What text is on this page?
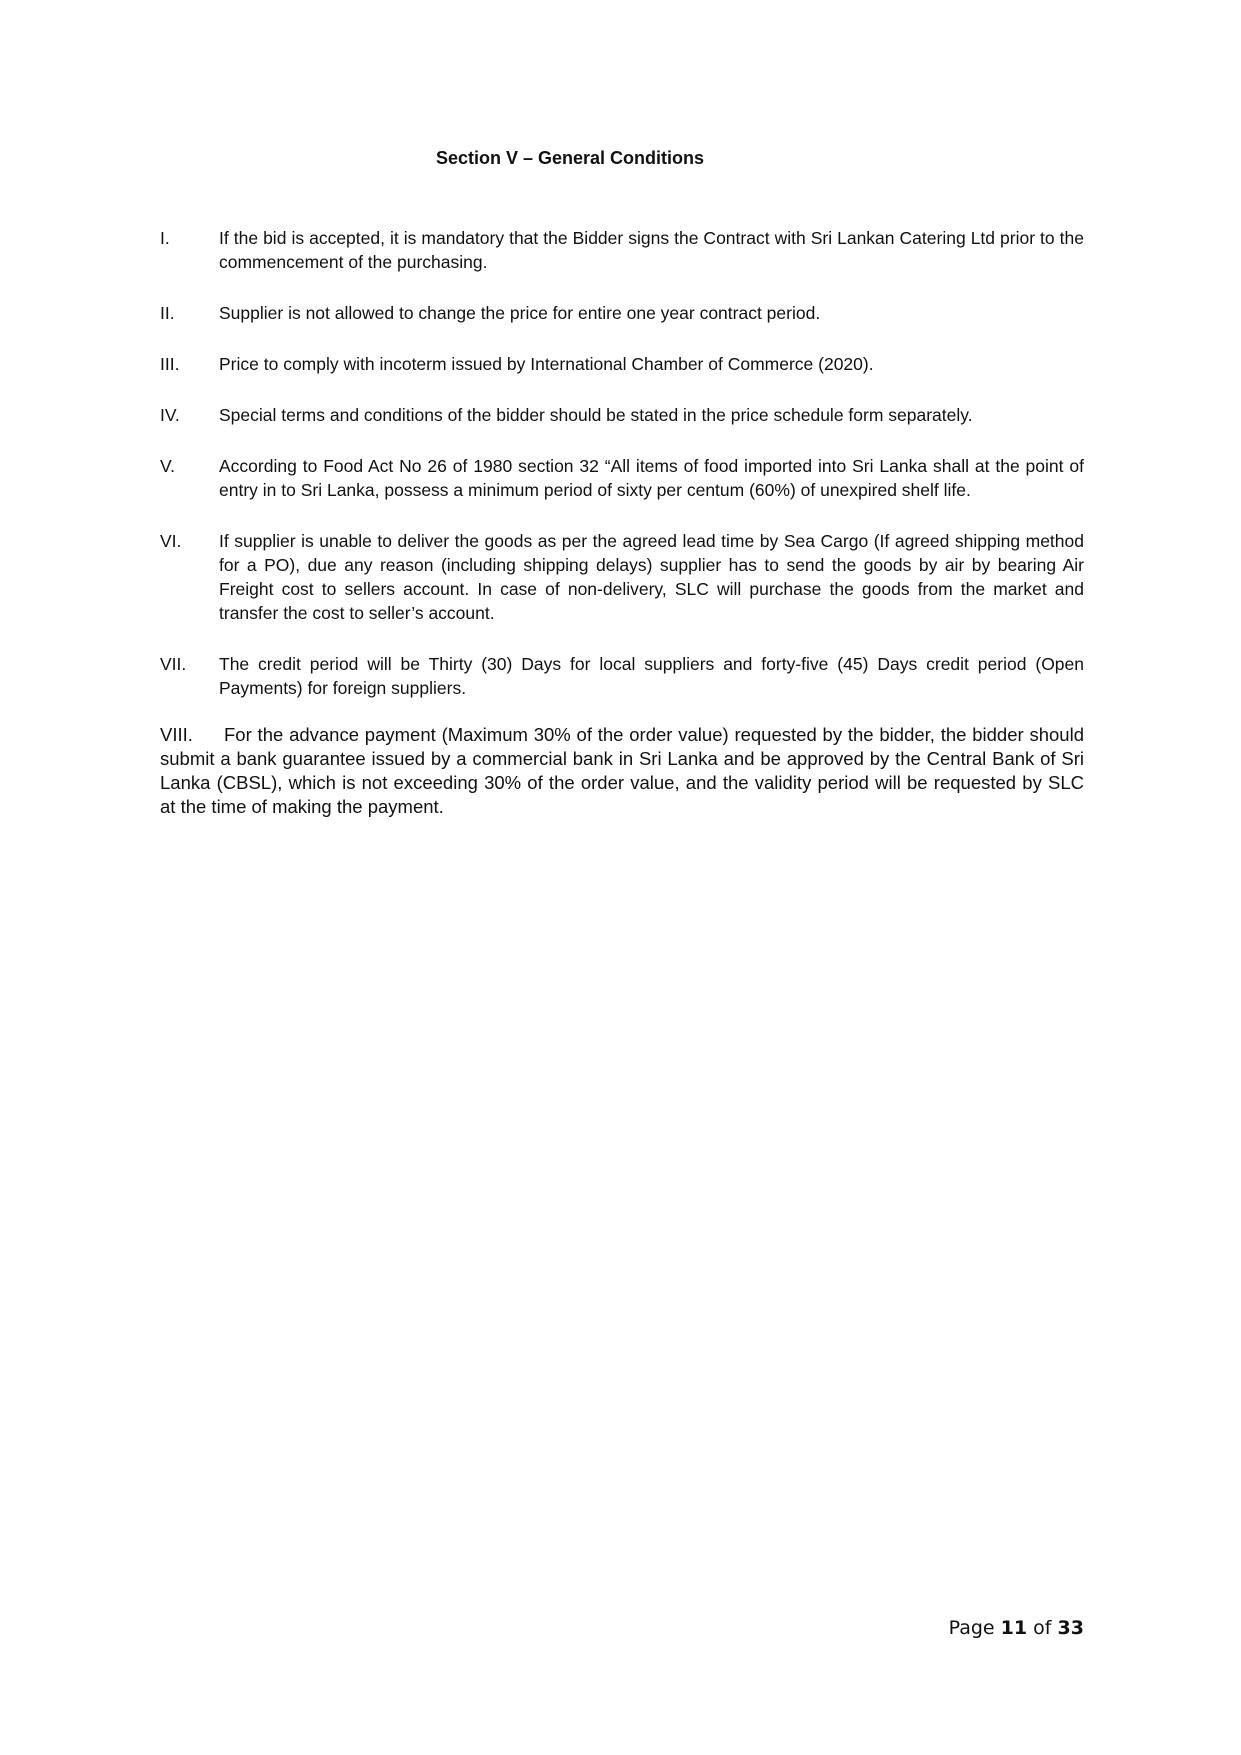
Section V – General Conditions
I.	If the bid is accepted, it is mandatory that the Bidder signs the Contract with Sri Lankan Catering Ltd prior to the commencement of the purchasing.
II.	Supplier is not allowed to change the price for entire one year contract period.
III.	Price to comply with incoterm issued by International Chamber of Commerce (2020).
IV.	Special terms and conditions of the bidder should be stated in the price schedule form separately.
V.	According to Food Act No 26 of 1980 section 32 “All items of food imported into Sri Lanka shall at the point of entry in to Sri Lanka, possess a minimum period of sixty per centum (60%) of unexpired shelf life.
VI.	If supplier is unable to deliver the goods as per the agreed lead time by Sea Cargo (If agreed shipping method for a PO), due any reason (including shipping delays) supplier has to send the goods by air by bearing Air Freight cost to sellers account. In case of non-delivery, SLC will purchase the goods from the market and transfer the cost to seller’s account.
VII.	The credit period will be Thirty (30) Days for local suppliers and forty-five (45) Days credit period (Open Payments) for foreign suppliers.
VIII. For the advance payment (Maximum 30% of the order value) requested by the bidder, the bidder should submit a bank guarantee issued by a commercial bank in Sri Lanka and be approved by the Central Bank of Sri Lanka (CBSL), which is not exceeding 30% of the order value, and the validity period will be requested by SLC at the time of making the payment.
Page 11 of 33
